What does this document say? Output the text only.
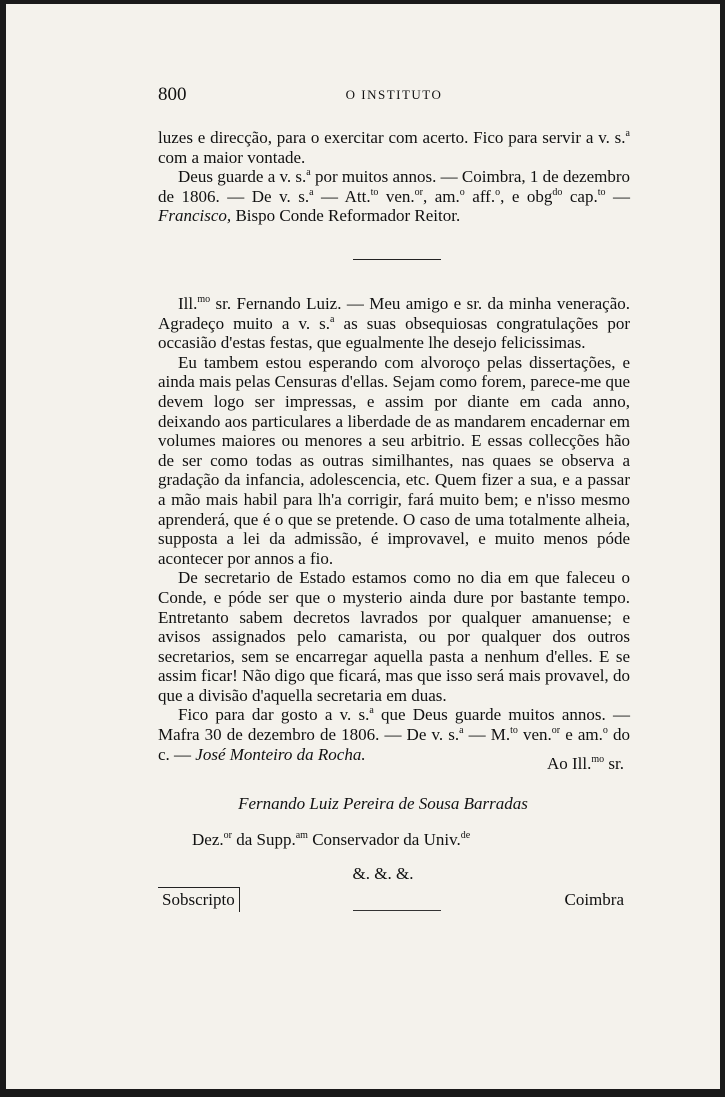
800	O INSTITUTO

luzes e direcção, para o exercitar com acerto. Fico para servir a v. s.$^a$ com a maior vontade.

Deus guarde a v. s.$^a$ por muitos annos. — Coimbra, 1 de dezembro de 1806. — De v. s.$^a$ — Att.$^{to}$ ven.$^{or}$, am.$^o$ aff.$^o$, e obg$^{do}$ cap.$^{to}$ — Francisco, Bispo Conde Reformador Reitor.

Ill.$^{mo}$ sr. Fernando Luiz. — Meu amigo e sr. da minha veneração. Agradeço muito a v. s.$^a$ as suas obsequiosas congratulações por occasião d'estas festas, que egualmente lhe desejo felicissimas.

Eu tambem estou esperando com alvoroço pelas dissertações, e ainda mais pelas Censuras d'ellas. Sejam como forem, parece-me que devem logo ser impressas, e assim por diante em cada anno, deixando aos particulares a liberdade de as mandarem encadernar em volumes maiores ou menores a seu arbitrio. E essas collecções hão de ser como todas as outras similhantes, nas quaes se observa a gradação da infancia, adolescencia, etc. Quem fizer a sua, e a passar a mão mais habil para lh'a corrigir, fará muito bem; e n'isso mesmo aprenderá, que é o que se pretende. O caso de uma totalmente alheia, supposta a lei da admissão, é improvavel, e muito menos póde acontecer por annos a fio.

De secretario de Estado estamos como no dia em que faleceu o Conde, e póde ser que o mysterio ainda dure por bastante tempo. Entretanto sabem decretos lavrados por qualquer amanuense; e avisos assignados pelo camarista, ou por qualquer dos outros secretarios, sem se encarregar aquella pasta a nenhum d'elles. E se assim ficar! Não digo que ficará, mas que isso será mais provavel, do que a divisão d'aquella secretaria em duas.

Fico para dar gosto a v. s.$^a$ que Deus guarde muitos annos. — Mafra 30 de dezembro de 1806. — De v. s.$^a$ — M.$^{to}$ ven.$^{or}$ e am.$^o$ do c. — José Monteiro da Rocha.	Ao Ill.$^{mo}$ sr.
Fernando Luiz Pereira de Sousa Barradas
Dez.$^{or}$ da Supp.$^{am}$ Conservador da Univ.$^{de}$
&. &. &.
Sobscripto	Coimbra
